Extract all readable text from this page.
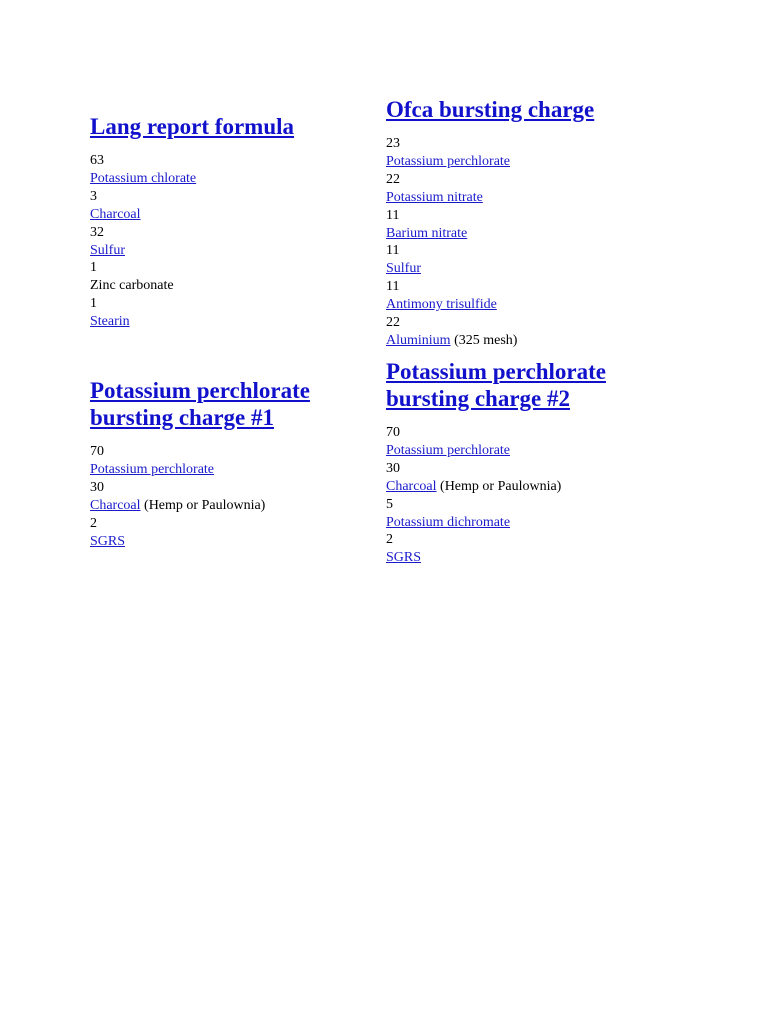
Lang report formula
63
Potassium chlorate
3
Charcoal
32
Sulfur
1
Zinc carbonate
1
Stearin
Ofca bursting charge
23
Potassium perchlorate
22
Potassium nitrate
11
Barium nitrate
11
Sulfur
11
Antimony trisulfide
22
Aluminium (325 mesh)
Potassium perchlorate bursting charge #1
70
Potassium perchlorate
30
Charcoal (Hemp or Paulownia)
2
SGRS
Potassium perchlorate bursting charge #2
70
Potassium perchlorate
30
Charcoal (Hemp or Paulownia)
5
Potassium dichromate
2
SGRS
